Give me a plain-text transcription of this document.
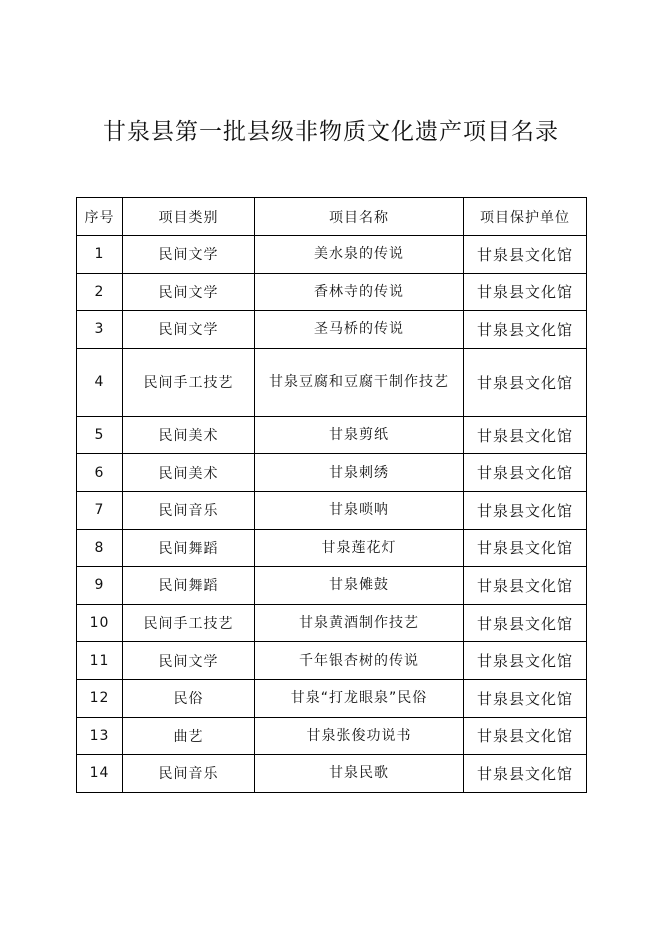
甘泉县第一批县级非物质文化遗产项目名录
序号	项目类别	项目名称	项目保护单位
1	民间文学	美水泉的传说	甘泉县文化馆
2	民间文学	香林寺的传说	甘泉县文化馆
3	民间文学	圣马桥的传说	甘泉县文化馆
4	民间手工技艺	甘泉豆腐和豆腐干制作技艺	甘泉县文化馆
5	民间美术	甘泉剪纸	甘泉县文化馆
6	民间美术	甘泉刺绣	甘泉县文化馆
7	民间音乐	甘泉唢呐	甘泉县文化馆
8	民间舞蹈	甘泉莲花灯	甘泉县文化馆
9	民间舞蹈	甘泉傩鼓	甘泉县文化馆
10	民间手工技艺	甘泉黄酒制作技艺	甘泉县文化馆
11	民间文学	千年银杏树的传说	甘泉县文化馆
12	民俗	甘泉“打龙眼泉”民俗	甘泉县文化馆
13	曲艺	甘泉张俊功说书	甘泉县文化馆
14	民间音乐	甘泉民歌	甘泉县文化馆
